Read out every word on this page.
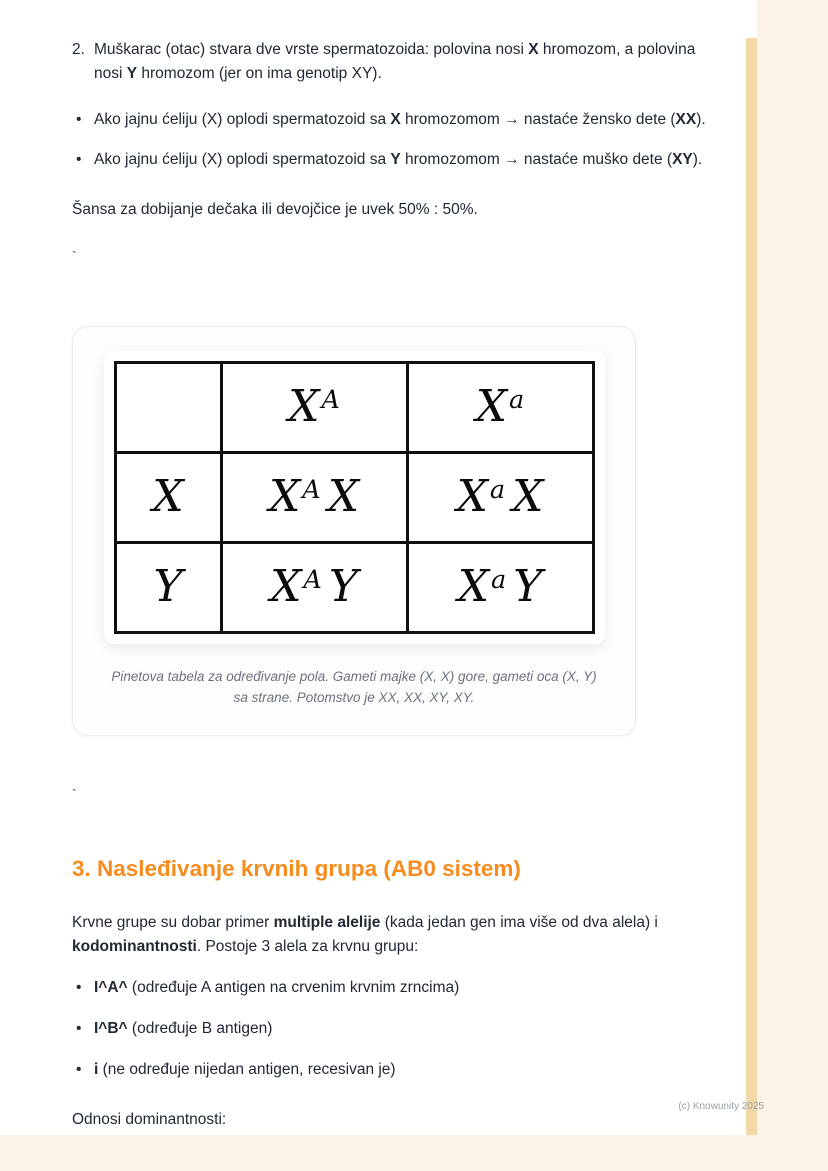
2. Muškarac (otac) stvara dve vrste spermatozoida: polovina nosi X hromozom, a polovina nosi Y hromozom (jer on ima genotip XY).

• Ako jajnu ćeliju (X) oplodi spermatozoid sa X hromozomom → nastaće žensko dete (XX).

• Ako jajnu ćeliju (X) oplodi spermatozoid sa Y hromozomom → nastaće muško dete (XY).

Šansa za dobijanje dečaka ili devojčice je uvek 50% : 50%.

`

	$X^A$	$X^a$
X	$X^A$ X	$X^a$ X
Y	$X^A$ Y	$X^a$ Y

Pinetova tabela za određivanje pola. Gameti majke (X, X) gore, gameti oca (X, Y) sa strane. Potomstvo je XX, XX, XY, XY.

`

3. Nasleđivanje krvnih grupa (AB0 sistem)

Krvne grupe su dobar primer multiple alelije (kada jedan gen ima više od dva alela) i kodominantnosti. Postoje 3 alela za krvnu grupu:

• I^A^ (određuje A antigen na crvenim krvnim zrncima)

• I^B^ (određuje B antigen)

• i (ne određuje nijedan antigen, recesivan je)

Odnosi dominantnosti:

(c) Knowunity 2025
